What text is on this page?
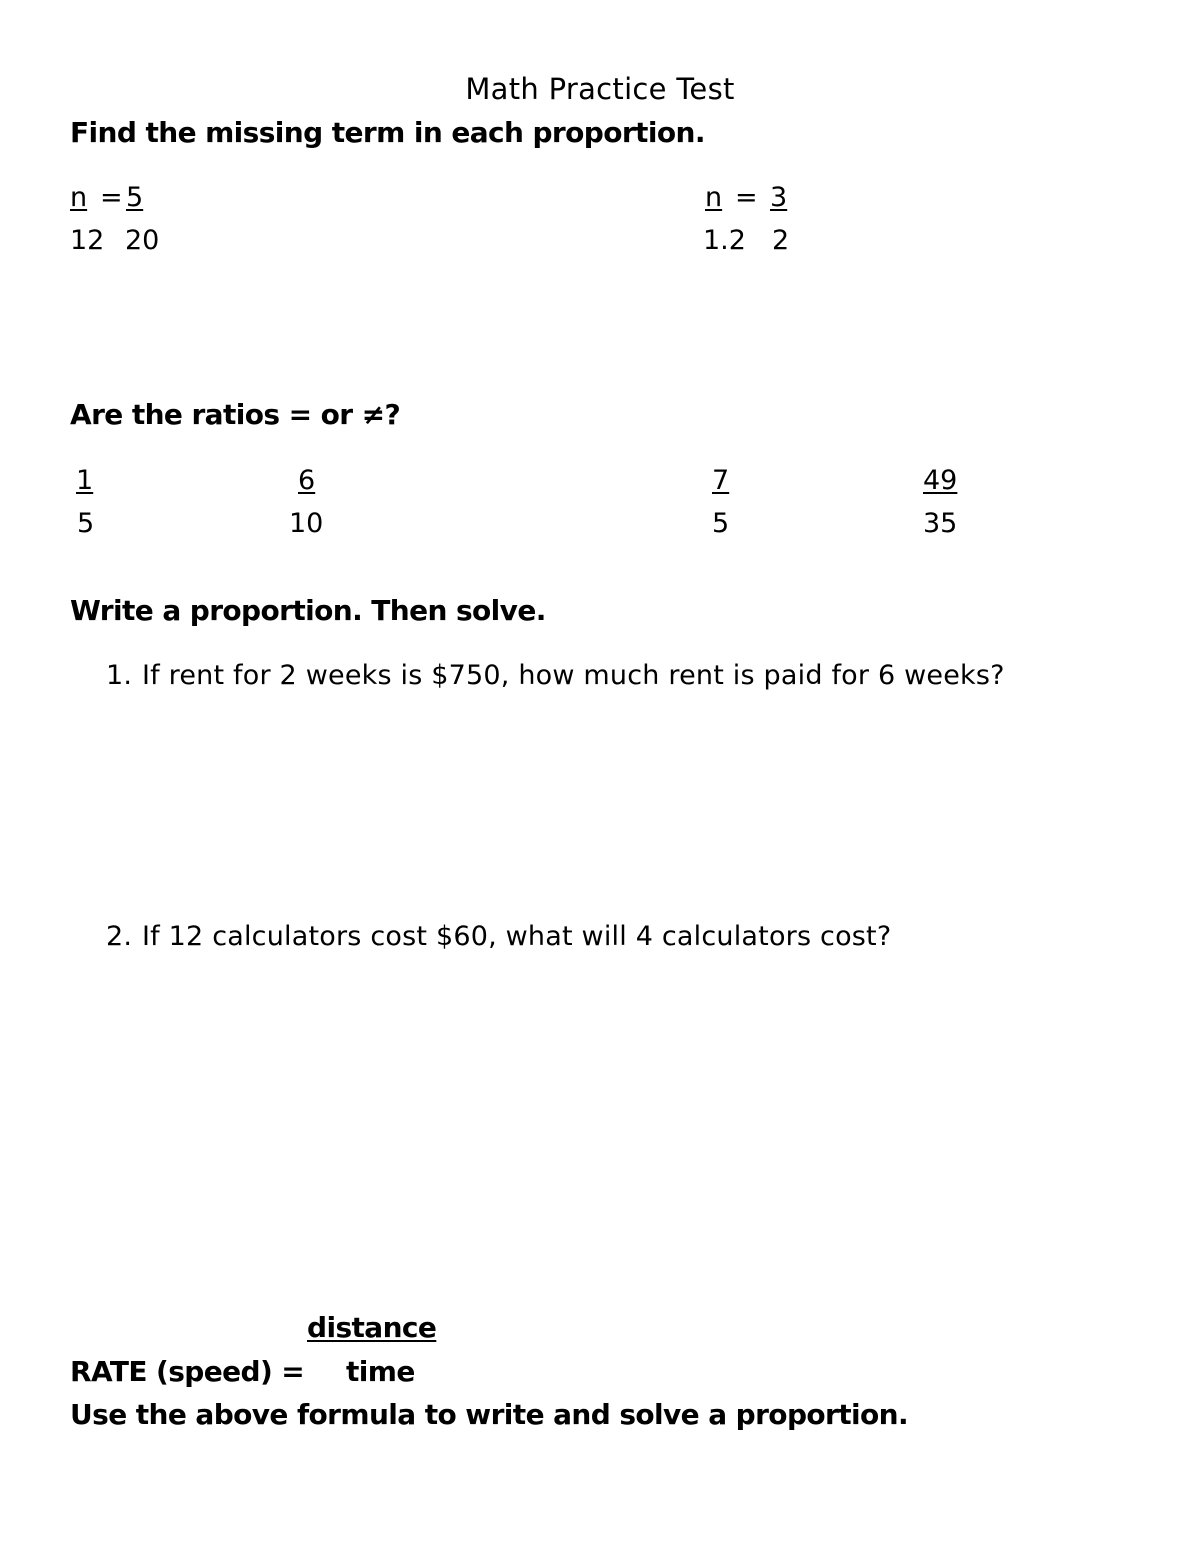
Math Practice Test
Find the missing term in each proportion.
n = 5
12 20
n = 3
1.2 2
Are the ratios = or ≠?
1
5
6
10
7
5
49
35
Write a proportion. Then solve.
1. If rent for 2 weeks is $750, how much rent is paid for 6 weeks?
2. If 12 calculators cost $60, what will 4 calculators cost?
distance
RATE (speed) = time
Use the above formula to write and solve a proportion.
